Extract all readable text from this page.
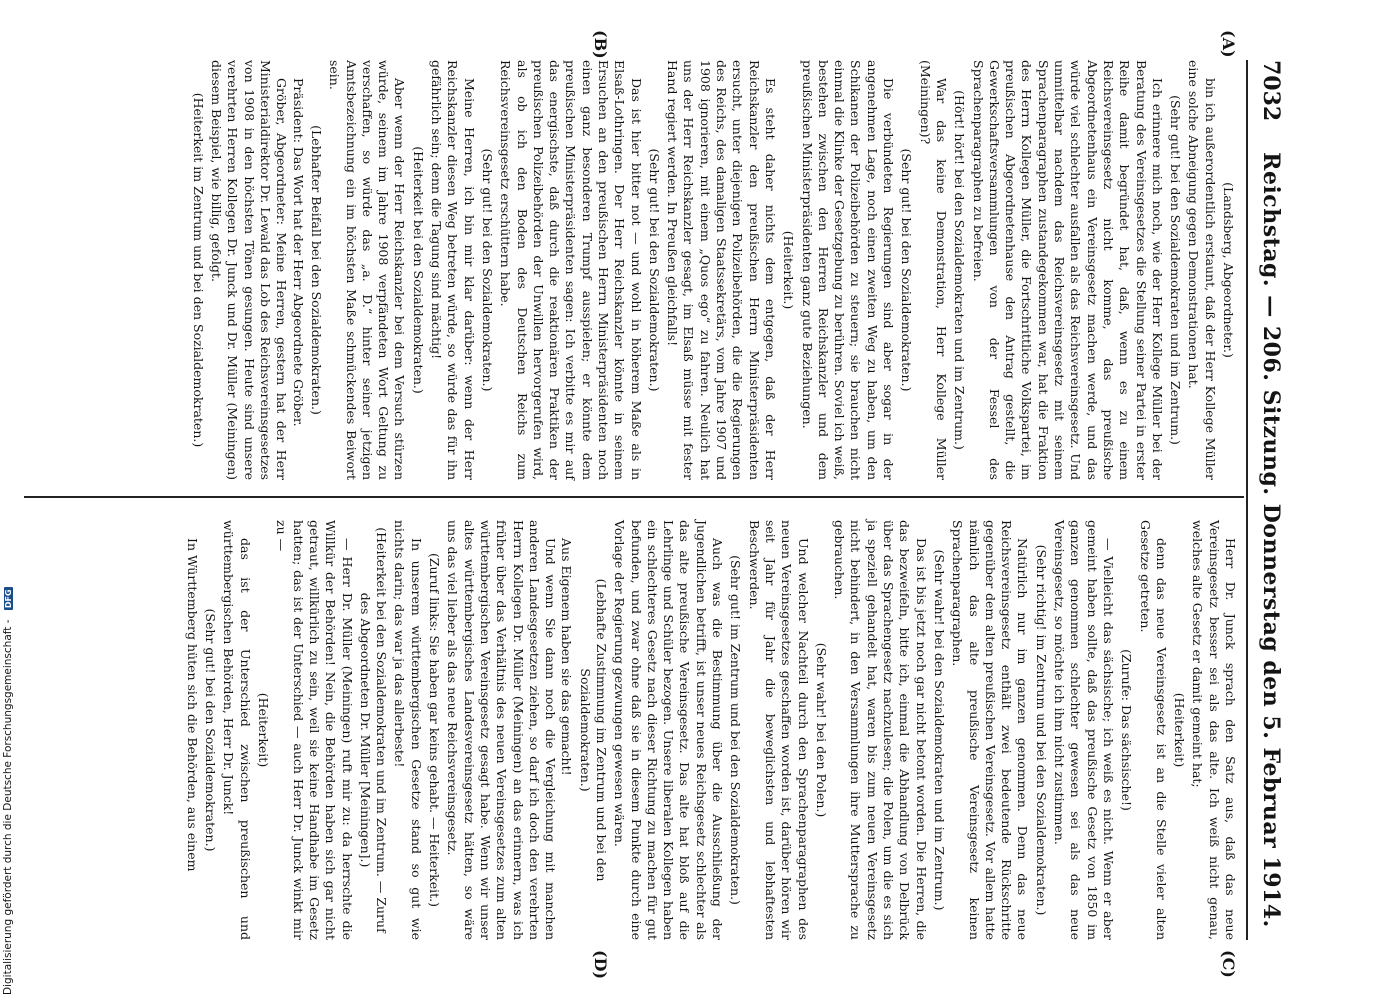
7032
Reichstag. — 206. Sitzung. Donnerstag den 5. Februar 1914.
(A)
(B)
(C)
(D)

(Landsberg, Abgeordneter.)

bin ich außerordentlich erstaunt, daß der Herr Kollege Müller eine solche Abneigung gegen Demonstrationen hat.

(Sehr gut! bei den Sozialdemokraten und im Zentrum.)

Ich erinnere mich noch, wie der Herr Kollege Müller bei der Beratung des Vereinsgesetzes die Stellung seiner Partei in erster Reihe damit begründet hat, daß, wenn es zu einem Reichsvereinsgesetz nicht komme, das preußische Abgeordnetenhaus ein Vereinsgesetz machen werde, und das würde viel schlechter ausfallen als das Reichsvereinsgesetz. Und unmittelbar nachdem das Reichsvereinsgesetz mit seinem Sprachenparagraphen zustandegekommen war, hat die Fraktion des Herrn Kollegen Müller, die Fortschrittliche Volkspartei, im preußischen Abgeordnetenhause den Antrag gestellt, die Gewerkschaftsversammlungen von der Fessel des Sprachenparagraphen zu befreien.

(Hört! hört! bei den Sozialdemokraten und im Zentrum.)

War das keine Demonstration, Herr Kollege Müller (Meiningen)?

(Sehr gut! bei den Sozialdemokraten.)

Die verbündeten Regierungen sind aber sogar in der angenehmen Lage, noch einen zweiten Weg zu haben, um den Schikanen der Polizeibehörden zu steuern; sie brauchen nicht einmal die Klinke der Gesetzgebung zu berühren. Soviel ich weiß, bestehen zwischen den Herren Reichskanzler und dem preußischen Ministerpräsidenten ganz gute Beziehungen.

(Heiterkeit.)

Es steht daher nichts dem entgegen, daß der Herr Reichskanzler den preußischen Herrn Ministerpräsidenten ersucht, unter diejenigen Polizeibehörden, die die Regierungen des Reichs, des damaligen Staatssekretärs, vom Jahre 1907 und 1908 ignorieren, mit einem „Quos ego“ zu fahren. Neulich hat uns der Herr Reichskanzler gesagt, im Elsaß müsse mit fester Hand regiert werden. In Preußen gleichfalls!

(Sehr gut! bei den Sozialdemokraten.)

Das ist hier bitter not — und wohl in höherem Maße als in Elsaß-Lothringen. Der Herr Reichskanzler könnte in seinem Ersuchen an den preußischen Herrn Ministerpräsidenten noch einen ganz besonderen Trumpf ausspielen; er könnte dem preußischen Ministerpräsidenten sagen: Ich verbitte es mir auf das energischste, daß durch die reaktionären Praktiken der preußischen Polizeibehörden der Unwillen hervorgerufen wird, als ob ich den Boden des Deutschen Reichs zum Reichsvereinsgesetz erschüttern habe.

(Sehr gut! bei den Sozialdemokraten.)

Meine Herren, ich bin mir klar darüber: wenn der Herr Reichskanzler diesen Weg betreten würde, so würde das für ihn gefährlich sein; denn die Tagung sind mächtig!

(Heiterkeit bei den Sozialdemokraten.)

Aber wenn der Herr Reichskanzler bei dem Versuch stürzen würde, seinem im Jahre 1908 verpfändeten Wort Geltung zu verschaffen, so würde das „a. D.“ hinter seiner jetzigen Amtsbezeichnung ein im höchsten Maße schmückendes Beiwort sein.

(Lebhafter Beifall bei den Sozialdemokraten.)

Präsident: Das Wort hat der Herr Abgeordnete Gröber.

Gröber, Abgeordneter: Meine Herren, gestern hat der Herr Ministerialdirektor Dr. Lewald das Lob des Reichsvereinsgesetzes von 1908 in den höchsten Tönen gesungen. Heute sind unsere verehrten Herren Kollegen Dr. Junck und Dr. Müller (Meiningen) diesem Beispiel, wie billig, gefolgt.

(Heiterkeit im Zentrum und bei den Sozialdemokraten.)

Herr Dr. Junck sprach den Satz aus, daß das neue Vereinsgesetz besser sei als das alte. Ich weiß nicht genau, welches alte Gesetz er damit gemeint hat;

(Heiterkeit)

denn das neue Vereinsgesetz ist an die Stelle vieler alten Gesetze getreten.

(Zurufe: Das sächsische!)

— Vielleicht das sächsische; ich weiß es nicht. Wenn er aber gemeint haben sollte, daß das preußische Gesetz von 1850 im ganzen genommen schlechter gewesen sei als das neue Vereinsgesetz, so möchte ich ihm nicht zustimmen.

(Sehr richtig! im Zentrum und bei den Sozialdemokraten.)

Natürlich nur im ganzen genommen. Denn das neue Reichsvereinsgesetz enthält zwei bedeutende Rückschritte gegenüber dem alten preußischen Vereinsgesetz. Vor allem hatte nämlich das alte preußische Vereinsgesetz keinen Sprachenparagraphen.

(Sehr wahr! bei den Sozialdemokraten und im Zentrum.)

Das ist bis jetzt noch gar nicht betont worden. Die Herren, die das bezweifeln, bitte ich, einmal die Abhandlung von Delbrück über das Sprachengesetz nachzulesen; die Polen, um die es sich ja speziell gehandelt hat, waren bis zum neuen Vereinsgesetz nicht behindert, in den Versammlungen ihre Muttersprache zu gebrauchen.

(Sehr wahr! bei den Polen.)

Und welcher Nachteil durch den Sprachenparagraphen des neuen Vereinsgesetzes geschaffen worden ist, darüber hören wir seit Jahr für Jahr die beweglichsten und lebhaftesten Beschwerden.

(Sehr gut! im Zentrum und bei den Sozialdemokraten.)

Auch was die Bestimmung über die Ausschließung der Jugendlichen betrifft, ist unser neues Reichsgesetz schlechter als das alte preußische Vereinsgesetz. Das alte hat bloß auf die Lehrlinge und Schüler bezogen. Unsere liberalen Kollegen haben ein schlechteres Gesetz nach dieser Richtung zu machen für gut befunden, und zwar ohne daß sie in diesem Punkte durch eine Vorlage der Regierung gezwungen gewesen wären.

(Lebhafte Zustimmung im Zentrum und bei den Sozialdemokraten.)

Aus Eigenem haben sie das gemacht!

Und wenn Sie dann noch die Vergleichung mit manchen anderen Landesgesetzen ziehen, so darf ich doch den verehrten Herrn Kollegen Dr. Müller (Meiningen) an das erinnern, was ich früher über das Verhältnis des neuen Vereinsgesetzes zum alten württembergischen Vereinsgesetz gesagt habe. Wenn wir unser altes württembergisches Landesvereinsgesetz hätten, so wäre uns das viel lieber als das neue Reichsvereinsgesetz.

(Zuruf links: Sie haben gar keins gehabt. — Heiterkeit.)

In unserem württembergischen Gesetze stand so gut wie nichts darin; das war ja das allerbeste!

(Heiterkeit bei den Sozialdemokraten und im Zentrum. — Zuruf des Abgeordneten Dr. Müller [Meiningen].)

— Herr Dr. Müller (Meiningen) ruft mir zu: da herrschte die Willkür der Behörden! Nein, die Behörden haben sich gar nicht getraut, willkürlich zu sein, weil sie keine Handhabe im Gesetz hatten; das ist der Unterschied — auch Herr Dr. Junck winkt mir zu —

(Heiterkeit)

das ist der Unterschied zwischen preußischen und württembergischen Behörden, Herr Dr. Junck!

(Sehr gut! bei den Sozialdemokraten.)

In Württemberg hüten sich die Behörden, aus einem

Digitalisierung gefördert durch die Deutsche Forschungsgemeinschaft - DFG
